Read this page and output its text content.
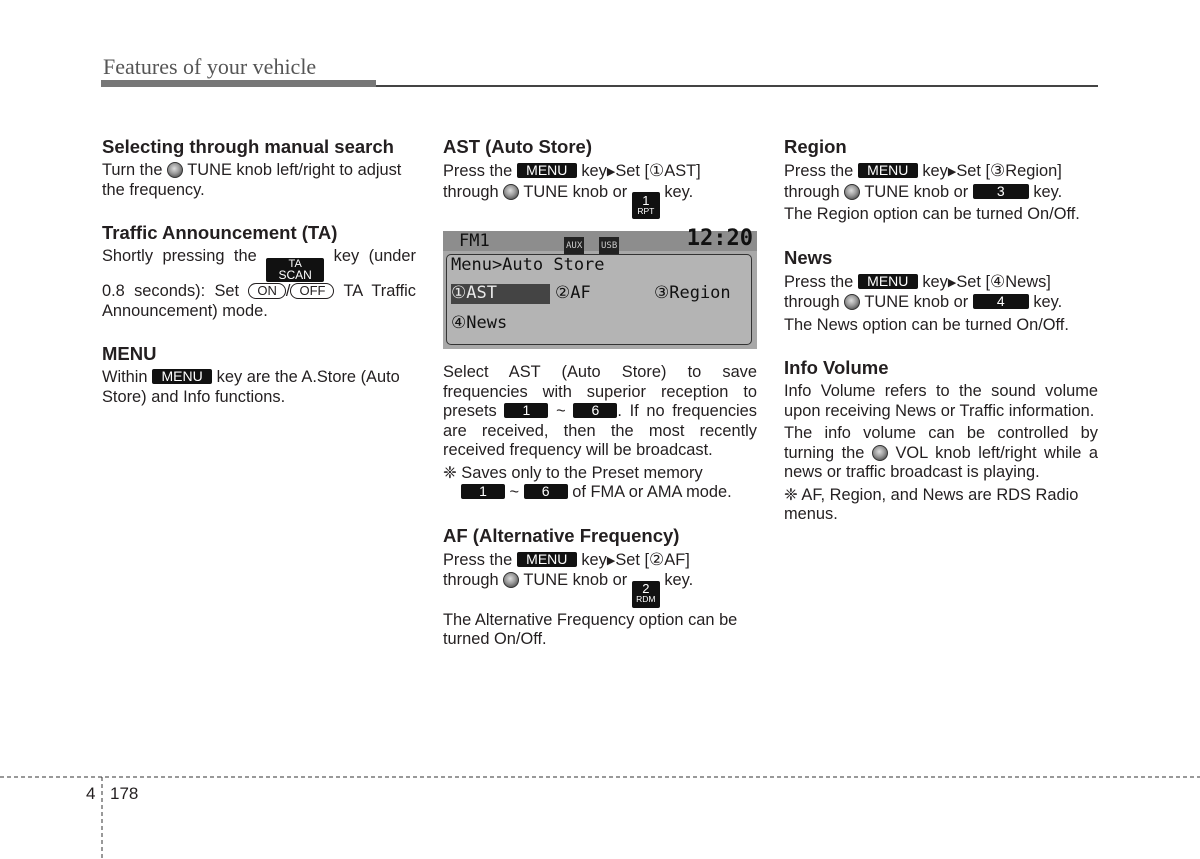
Features of your vehicle
Selecting through manual search

Turn the  TUNE knob left/right to adjust the frequency.

Traffic Announcement (TA)

Shortly pressing the TA
SCAN
key (under 0.8 seconds): Set ON / OFF TA Traffic Announcement) mode.

MENU

Within MENU key are the A.Store (Auto Store) and Info functions.

AST (Auto Store)

Press the MENU key▶Set [①AST]
through  TUNE knob or 1
RPT
key.

FM1	AUX USB	12:20
Menu>Auto Store
①AST	②AF	③Region
④News

Select AST (Auto Store) to save frequencies with superior reception to presets 1 ~ 6 . If no frequencies are received, then the most recently received frequency will be broadcast.

❈ Saves only to the Preset memory
1 ~ 6 of FMA or AMA mode.

AF (Alternative Frequency)

Press the MENU key▶Set [②AF]
through  TUNE knob or 2
RDM
key.

The Alternative Frequency option can be turned On/Off.

Region

Press the MENU key▶Set [③Region]
through  TUNE knob or 3 key.

The Region option can be turned On/Off.

News

Press the MENU key▶Set [④News]
through  TUNE knob or 4 key.

The News option can be turned On/Off.

Info Volume

Info Volume refers to the sound volume upon receiving News or Traffic information.

The info volume can be controlled by turning the  VOL knob left/right while a news or traffic broadcast is playing.

❈ AF, Region, and News are RDS Radio menus.

4 178
